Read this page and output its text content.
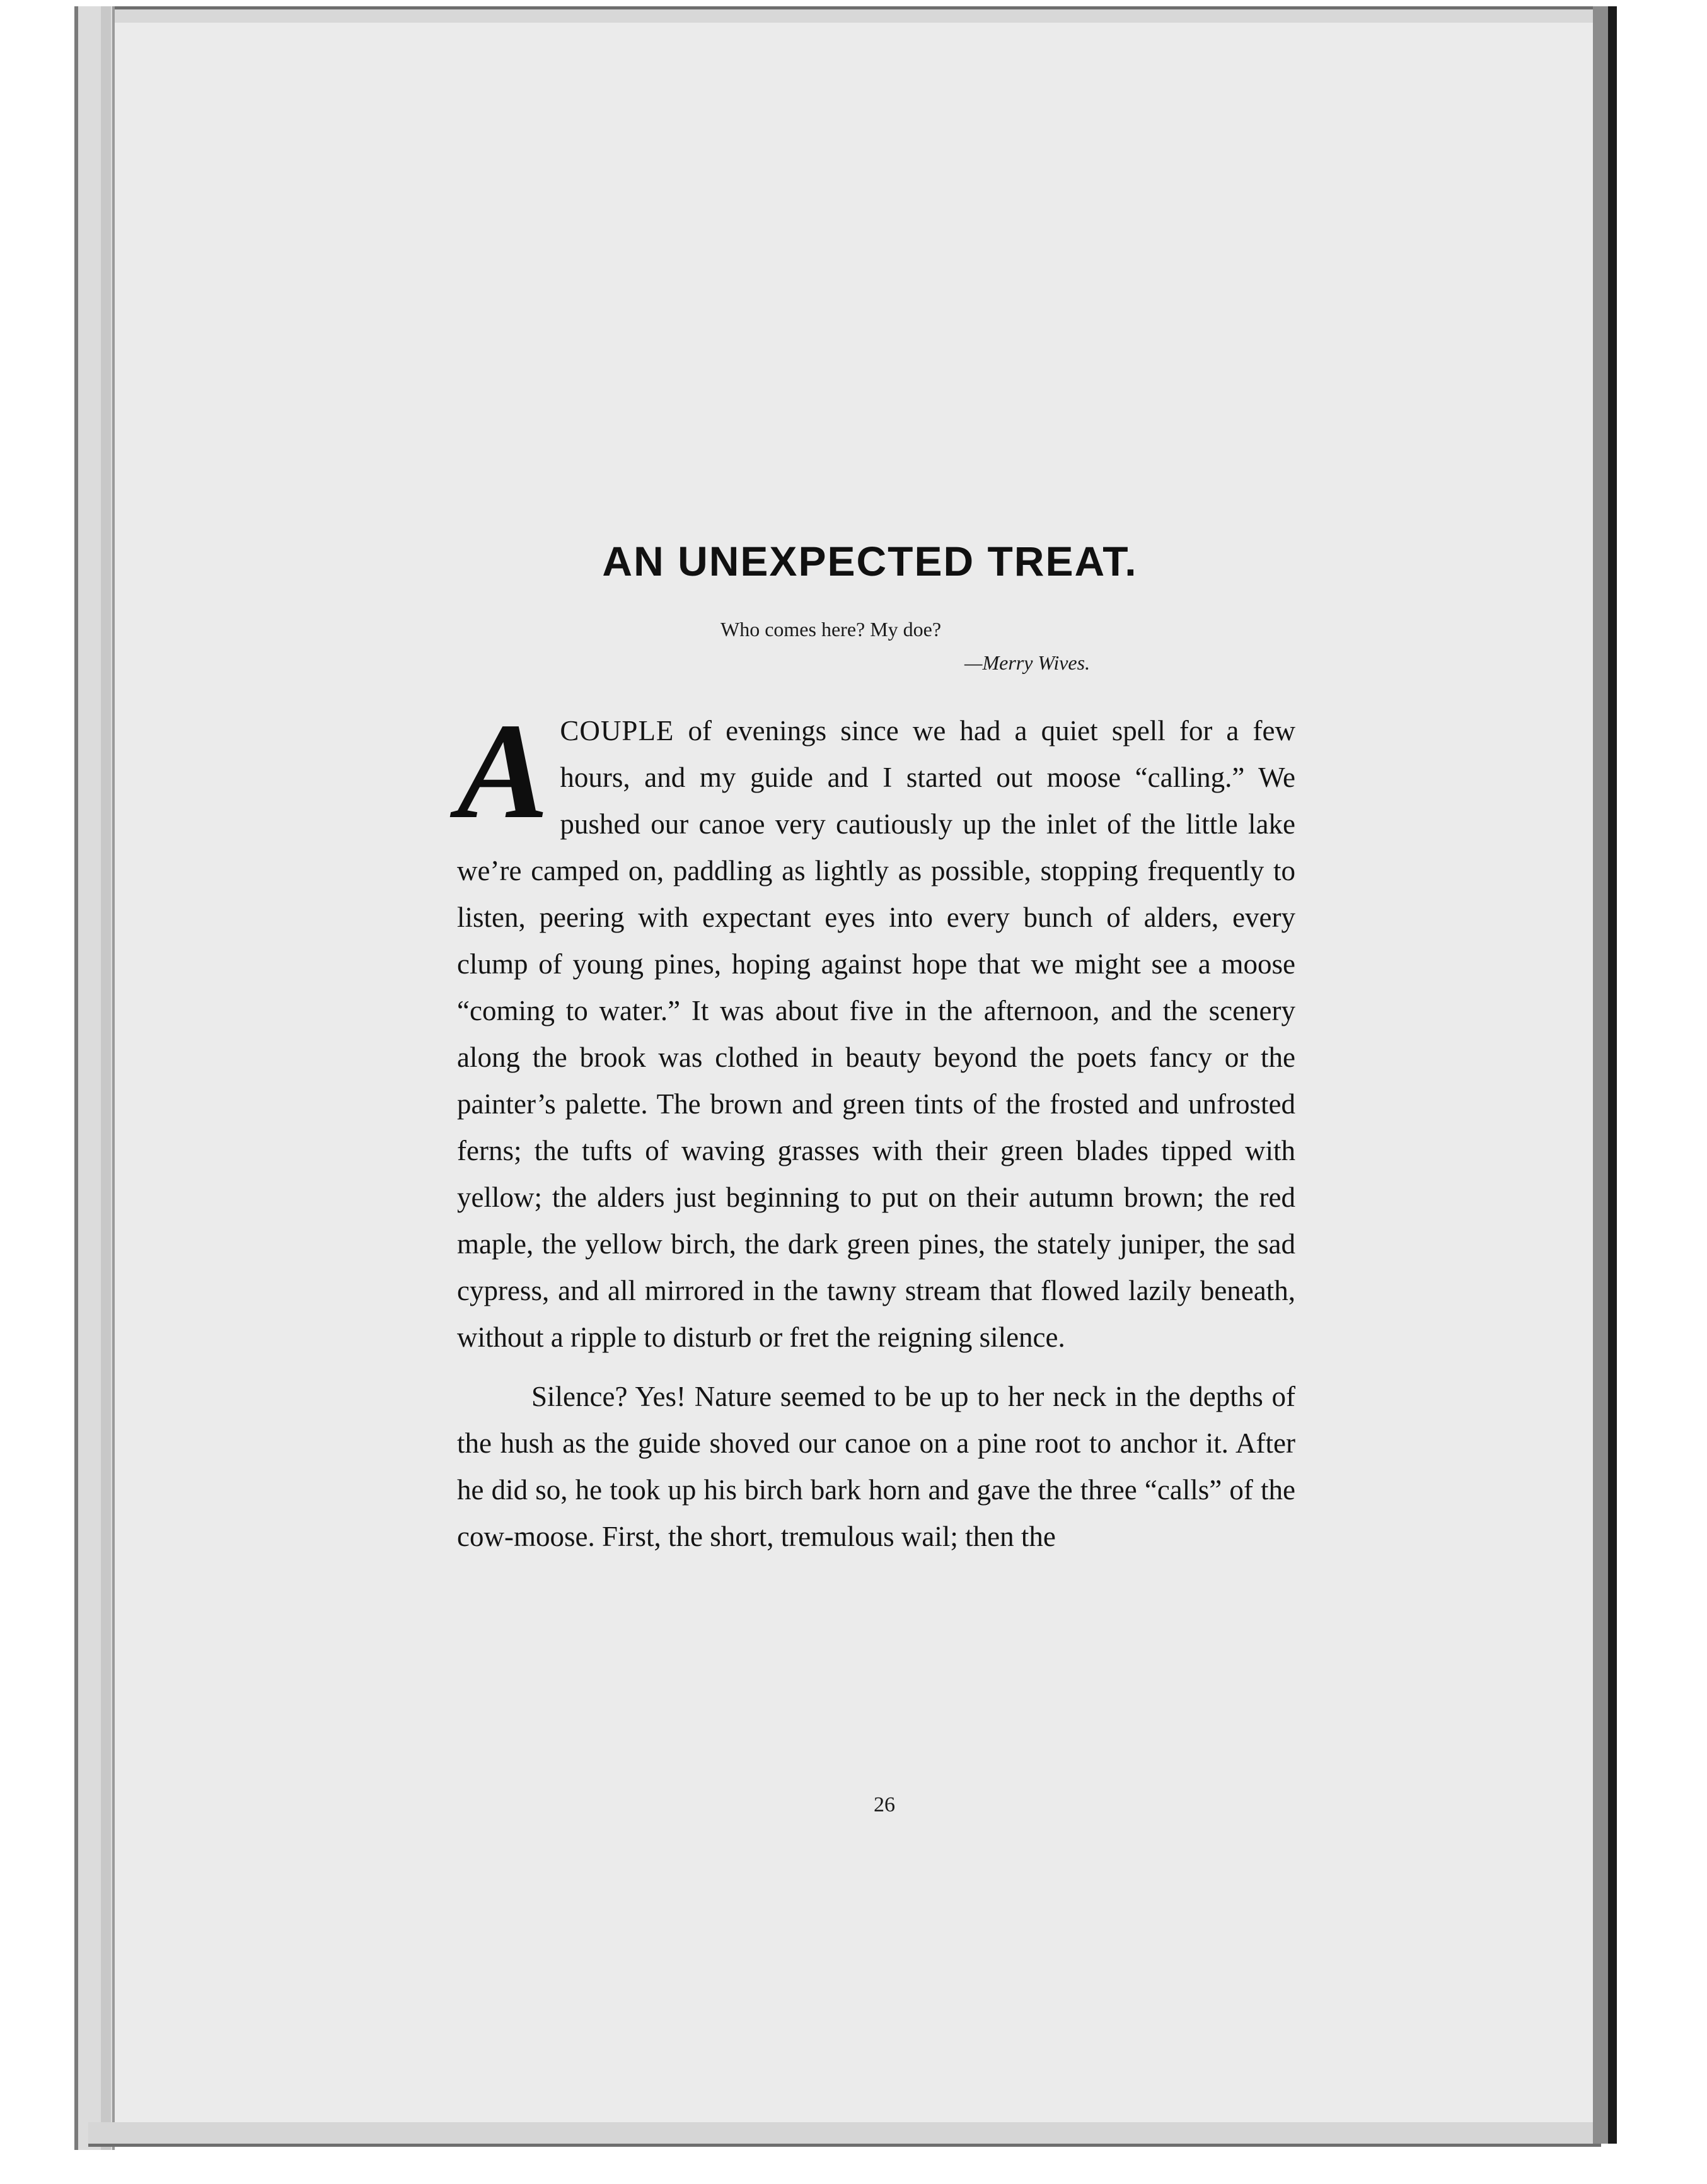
AN UNEXPECTED TREAT.

Who comes here? My doe?

—Merry Wives.

ACOUPLE of evenings since we had a quiet spell for a few hours, and my guide and I started out moose “calling.” We pushed our canoe very cautiously up the inlet of the little lake we’re camped on, paddling as lightly as possible, stopping frequently to listen, peering with expectant eyes into every bunch of alders, every clump of young pines, hoping against hope that we might see a moose “coming to water.” It was about five in the afternoon, and the scenery along the brook was clothed in beauty beyond the poets fancy or the painter’s palette. The brown and green tints of the frosted and unfrosted ferns; the tufts of waving grasses with their green blades tipped with yellow; the alders just beginning to put on their autumn brown; the red maple, the yellow birch, the dark green pines, the stately juniper, the sad cypress, and all mirrored in the tawny stream that flowed lazily beneath, without a ripple to disturb or fret the reigning silence.

Silence? Yes! Nature seemed to be up to her neck in the depths of the hush as the guide shoved our canoe on a pine root to anchor it. After he did so, he took up his birch bark horn and gave the three “calls” of the cow-moose. First, the short, tremulous wail; then the

26
